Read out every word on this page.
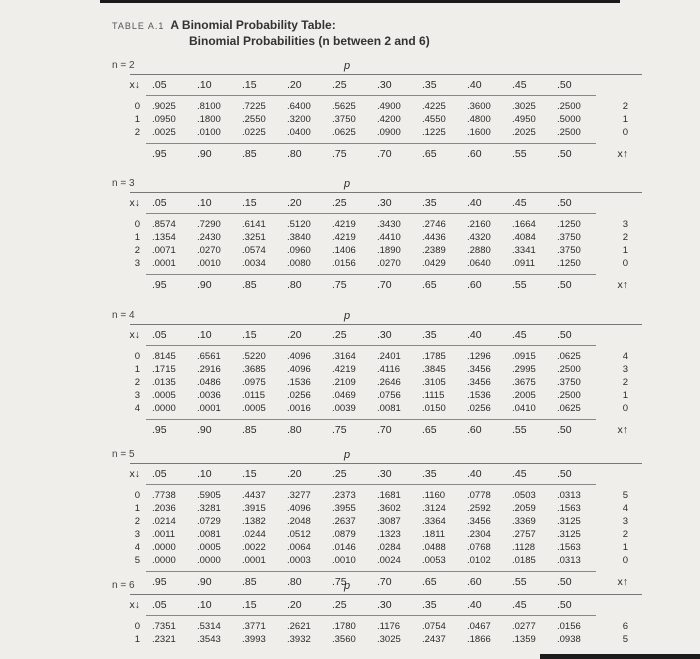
TABLE A.1 A Binomial Probability Table:
Binomial Probabilities (n between 2 and 6)
n = 2	p
x↓	.05	.10	.15	.20	.25	.30	.35	.40	.45	.50
0	.9025	.8100	.7225	.6400	.5625	.4900	.4225	.3600	.3025	.2500	2
1	.0950	.1800	.2550	.3200	.3750	.4200	.4550	.4800	.4950	.5000	1
2	.0025	.0100	.0225	.0400	.0625	.0900	.1225	.1600	.2025	.2500	0
.95	.90	.85	.80	.75	.70	.65	.60	.55	.50	x↑
n = 3	p
x↓	.05	.10	.15	.20	.25	.30	.35	.40	.45	.50
0	.8574	.7290	.6141	.5120	.4219	.3430	.2746	.2160	.1664	.1250	3
1	.1354	.2430	.3251	.3840	.4219	.4410	.4436	.4320	.4084	.3750	2
2	.0071	.0270	.0574	.0960	.1406	.1890	.2389	.2880	.3341	.3750	1
3	.0001	.0010	.0034	.0080	.0156	.0270	.0429	.0640	.0911	.1250	0
.95	.90	.85	.80	.75	.70	.65	.60	.55	.50	x↑
n = 4	p
x↓	.05	.10	.15	.20	.25	.30	.35	.40	.45	.50
0	.8145	.6561	.5220	.4096	.3164	.2401	.1785	.1296	.0915	.0625	4
1	.1715	.2916	.3685	.4096	.4219	.4116	.3845	.3456	.2995	.2500	3
2	.0135	.0486	.0975	.1536	.2109	.2646	.3105	.3456	.3675	.3750	2
3	.0005	.0036	.0115	.0256	.0469	.0756	.1115	.1536	.2005	.2500	1
4	.0000	.0001	.0005	.0016	.0039	.0081	.0150	.0256	.0410	.0625	0
.95	.90	.85	.80	.75	.70	.65	.60	.55	.50	x↑
n = 5	p
x↓	.05	.10	.15	.20	.25	.30	.35	.40	.45	.50
0	.7738	.5905	.4437	.3277	.2373	.1681	.1160	.0778	.0503	.0313	5
1	.2036	.3281	.3915	.4096	.3955	.3602	.3124	.2592	.2059	.1563	4
2	.0214	.0729	.1382	.2048	.2637	.3087	.3364	.3456	.3369	.3125	3
3	.0011	.0081	.0244	.0512	.0879	.1323	.1811	.2304	.2757	.3125	2
4	.0000	.0005	.0022	.0064	.0146	.0284	.0488	.0768	.1128	.1563	1
5	.0000	.0000	.0001	.0003	.0010	.0024	.0053	.0102	.0185	.0313	0
.95	.90	.85	.80	.75	.70	.65	.60	.55	.50	x↑
n = 6	p
x↓	.05	.10	.15	.20	.25	.30	.35	.40	.45	.50
0	.7351	.5314	.3771	.2621	.1780	.1176	.0754	.0467	.0277	.0156	6
1	.2321	.3543	.3993	.3932	.3560	.3025	.2437	.1866	.1359	.0938	5
